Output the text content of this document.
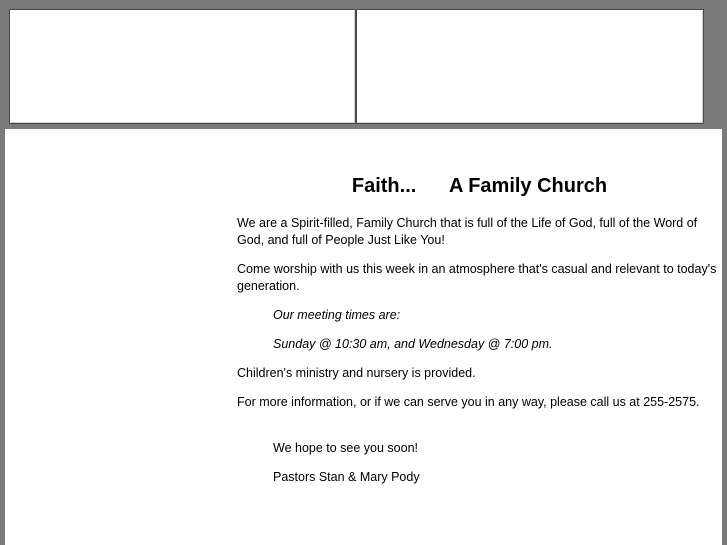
Faith... A Family Church
We are a Spirit-filled, Family Church that is full of the Life of God, full of the Word of God, and full of People Just Like You!
Come worship with us this week in an atmosphere that's casual and relevant to today's generation.
Our meeting times are:
Sunday @ 10:30 am, and Wednesday @ 7:00 pm.
Children's ministry and nursery is provided.
For more information, or if we can serve you in any way, please call us at 255-2575.
We hope to see you soon!
Pastors Stan & Mary Pody
